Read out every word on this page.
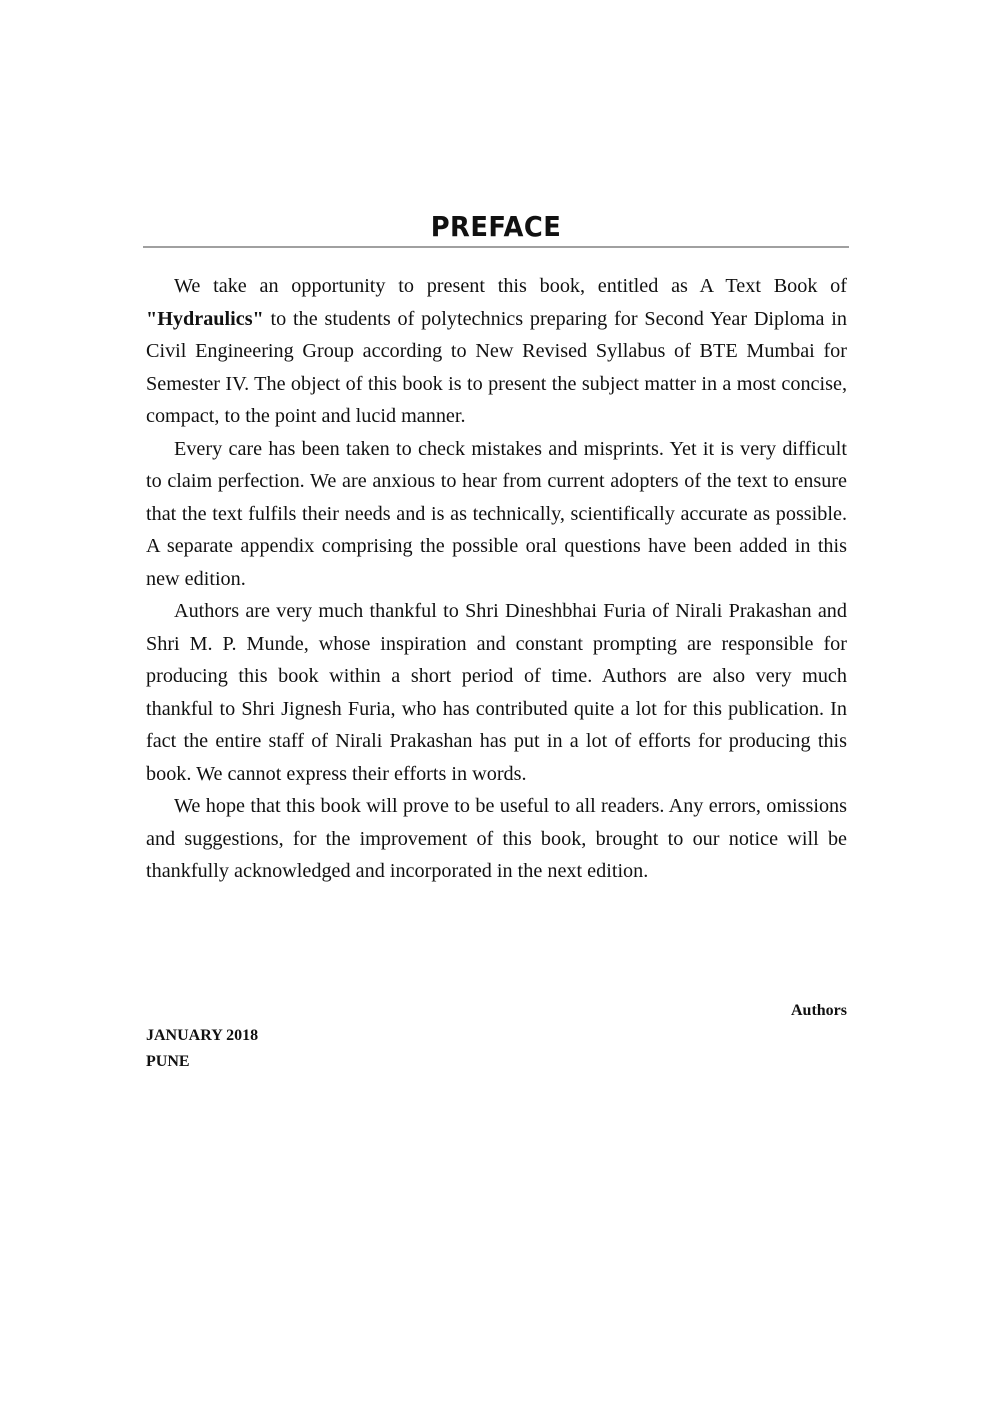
PREFACE

We take an opportunity to present this book, entitled as A Text Book of "Hydraulics" to the students of polytechnics preparing for Second Year Diploma in Civil Engineering Group according to New Revised Syllabus of BTE Mumbai for Semester IV. The object of this book is to present the subject matter in a most concise, compact, to the point and lucid manner.

Every care has been taken to check mistakes and misprints. Yet it is very difficult to claim perfection. We are anxious to hear from current adopters of the text to ensure that the text fulfils their needs and is as technically, scientifically accurate as possible. A separate appendix comprising the possible oral questions have been added in this new edition.

Authors are very much thankful to Shri Dineshbhai Furia of Nirali Prakashan and Shri M. P. Munde, whose inspiration and constant prompting are responsible for producing this book within a short period of time. Authors are also very much thankful to Shri Jignesh Furia, who has contributed quite a lot for this publication. In fact the entire staff of Nirali Prakashan has put in a lot of efforts for producing this book. We cannot express their efforts in words.

We hope that this book will prove to be useful to all readers. Any errors, omissions and suggestions, for the improvement of this book, brought to our notice will be thankfully acknowledged and incorporated in the next edition.

Authors
JANUARY 2018
PUNE
